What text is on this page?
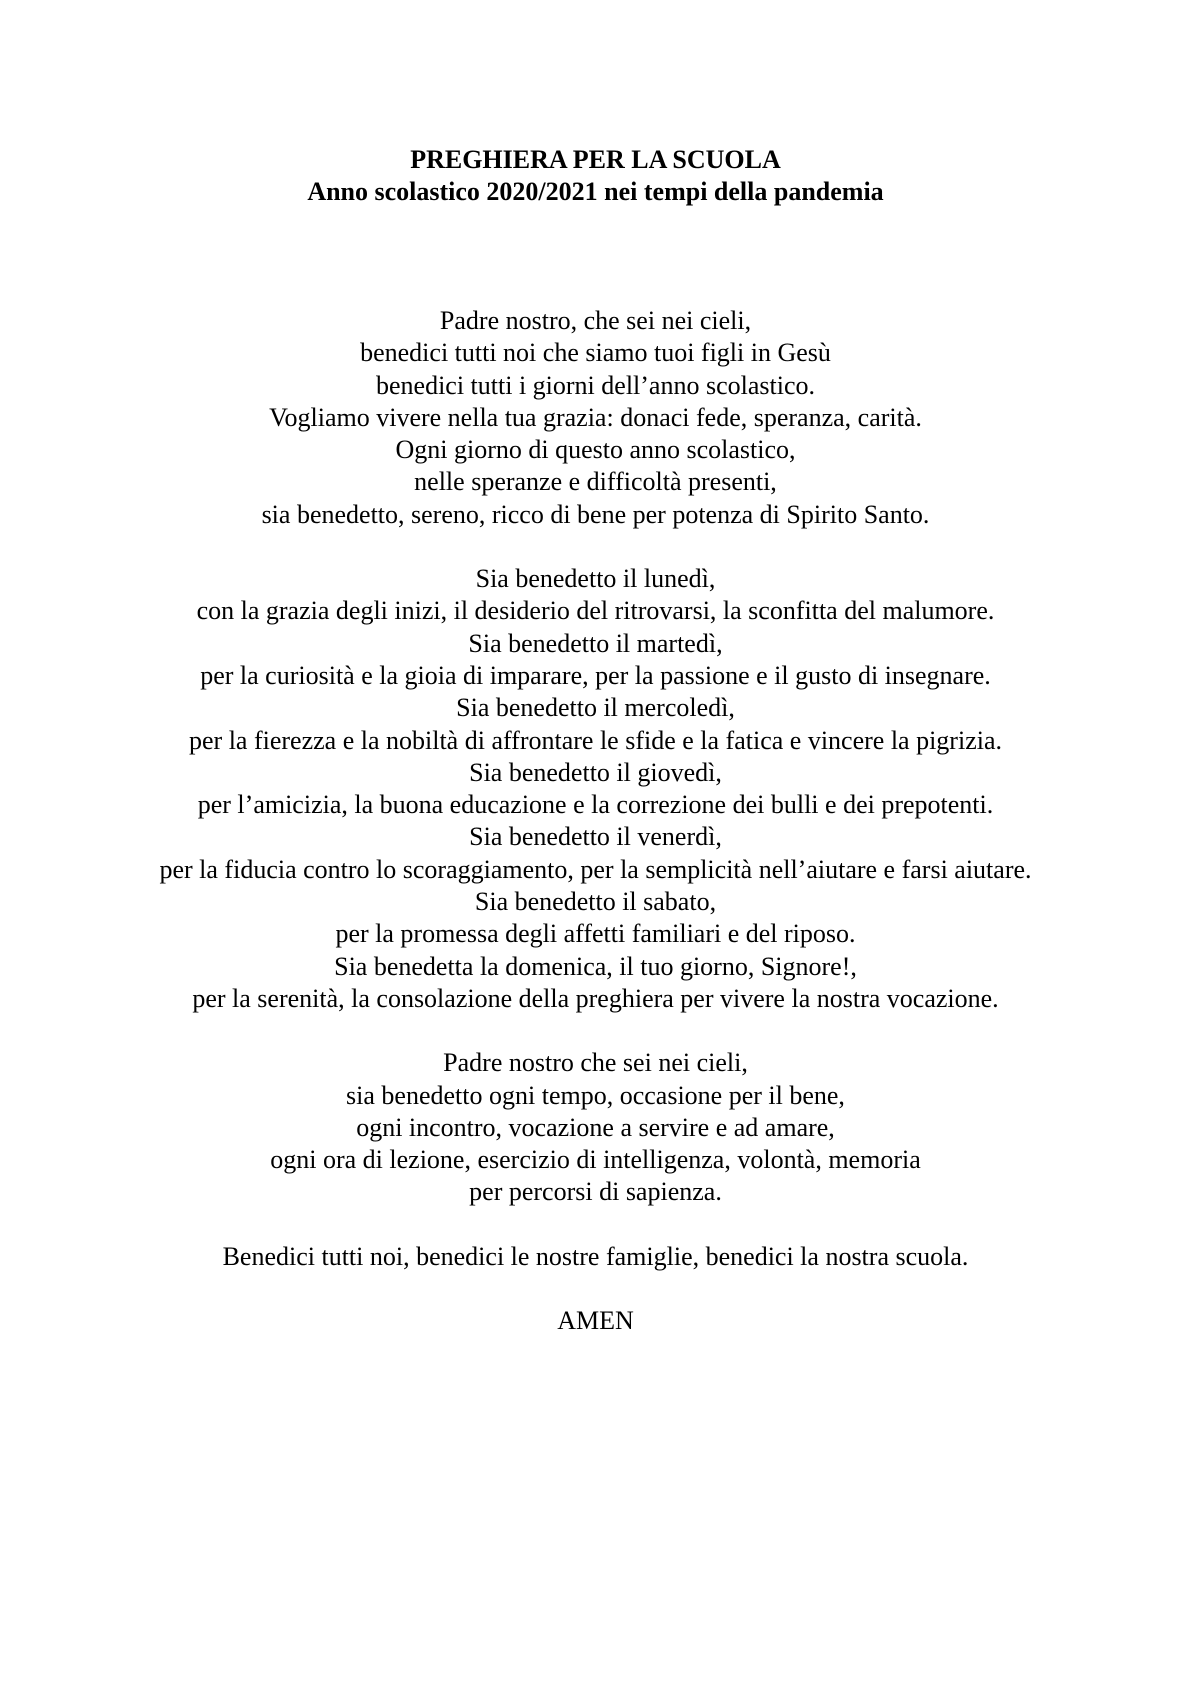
PREGHIERA PER LA SCUOLA
Anno scolastico 2020/2021 nei tempi della pandemia
Padre nostro, che sei nei cieli,
benedici tutti noi che siamo tuoi figli in Gesù
benedici tutti i giorni dell’anno scolastico.
Vogliamo vivere nella tua grazia: donaci fede, speranza, carità.
Ogni giorno di questo anno scolastico,
nelle speranze e difficoltà presenti,
sia benedetto, sereno, ricco di bene per potenza di Spirito Santo.
Sia benedetto il lunedì,
con la grazia degli inizi, il desiderio del ritrovarsi, la sconfitta del malumore.
Sia benedetto il martedì,
per la curiosità e la gioia di imparare, per la passione e il gusto di insegnare.
Sia benedetto il mercoledì,
per la fierezza e la nobiltà di affrontare le sfide e la fatica e vincere la pigrizia.
Sia benedetto il giovedì,
per l’amicizia, la buona educazione e la correzione dei bulli e dei prepotenti.
Sia benedetto il venerdì,
per la fiducia contro lo scoraggiamento, per la semplicità nell’aiutare e farsi aiutare.
Sia benedetto il sabato,
per la promessa degli affetti familiari e del riposo.
Sia benedetta la domenica, il tuo giorno, Signore!,
per la serenità, la consolazione della preghiera per vivere la nostra vocazione.
Padre nostro che sei nei cieli,
sia benedetto ogni tempo, occasione per il bene,
ogni incontro, vocazione a servire e ad amare,
ogni ora di lezione, esercizio di intelligenza, volontà, memoria
per percorsi di sapienza.
Benedici tutti noi, benedici le nostre famiglie, benedici la nostra scuola.
AMEN
